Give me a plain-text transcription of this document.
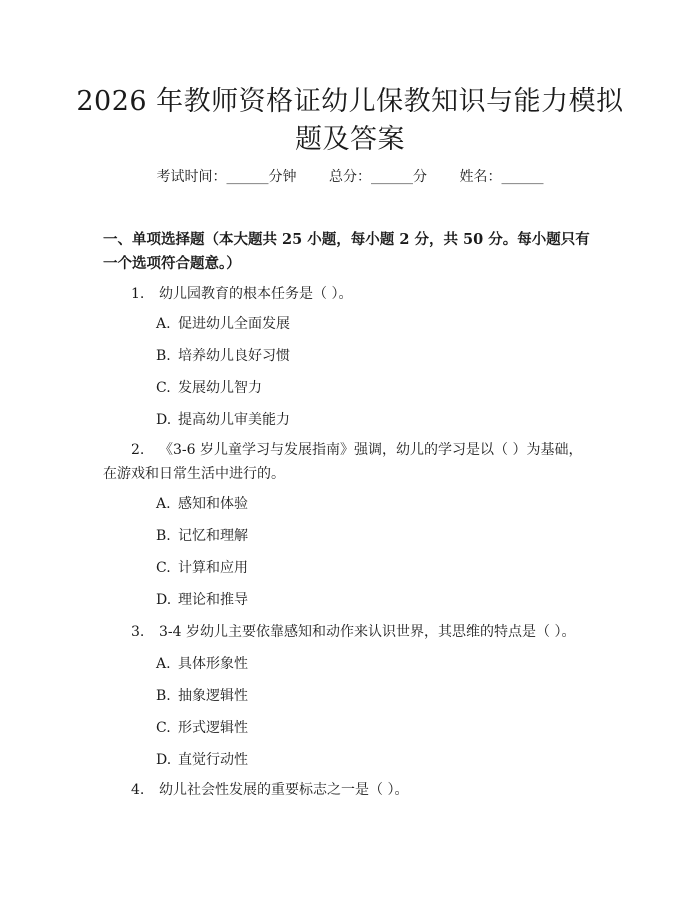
2026 年教师资格证幼儿保教知识与能力模拟
题及答案
考试时间：______分钟 总分：______分 姓名：______
一、单项选择题（本大题共 25 小题，每小题 2 分，共 50 分。每小题只有一个选项符合题意。）
1. 幼儿园教育的根本任务是（ ）。
A. 促进幼儿全面发展
B. 培养幼儿良好习惯
C. 发展幼儿智力
D. 提高幼儿审美能力
2. 《3-6 岁儿童学习与发展指南》强调，幼儿的学习是以（ ）为基础，在游戏和日常生活中进行的。
A. 感知和体验
B. 记忆和理解
C. 计算和应用
D. 理论和推导
3. 3-4 岁幼儿主要依靠感知和动作来认识世界，其思维的特点是（ ）。
A. 具体形象性
B. 抽象逻辑性
C. 形式逻辑性
D. 直觉行动性
4. 幼儿社会性发展的重要标志之一是（ ）。
